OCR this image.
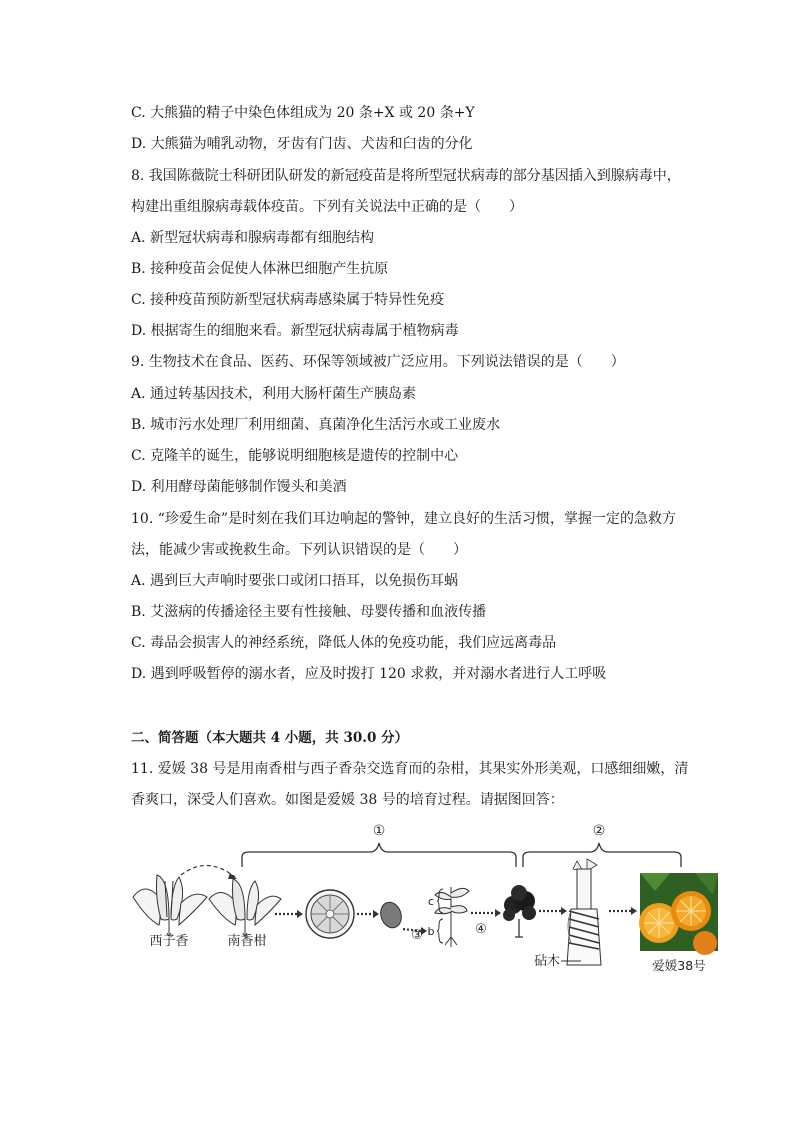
C. 大熊猫的精子中染色体组成为 20 条+X 或 20 条+Y
D. 大熊猫为哺乳动物，牙齿有门齿、犬齿和臼齿的分化
8. 我国陈薇院士科研团队研发的新冠疫苗是将所型冠状病毒的部分基因插入到腺病毒中，
构建出重组腺病毒载体疫苗。下列有关说法中正确的是（　　）
A. 新型冠状病毒和腺病毒都有细胞结构
B. 接种疫苗会促使人体淋巴细胞产生抗原
C. 接种疫苗预防新型冠状病毒感染属于特异性免疫
D. 根据寄生的细胞来看。新型冠状病毒属于植物病毒
9. 生物技术在食品、医药、环保等领域被广泛应用。下列说法错误的是（　　）
A. 通过转基因技术，利用大肠杆菌生产胰岛素
B. 城市污水处理厂利用细菌、真菌净化生活污水或工业废水
C. 克隆羊的诞生，能够说明细胞核是遗传的控制中心
D. 利用酵母菌能够制作馒头和美酒
10. “珍爱生命”是时刻在我们耳边响起的警钟，建立良好的生活习惯，掌握一定的急救方
法，能减少害或挽救生命。下列认识错误的是（　　）
A. 遇到巨大声响时要张口或闭口捂耳，以免损伤耳蜗
B. 艾滋病的传播途径主要有性接触、母婴传播和血液传播
C. 毒品会损害人的神经系统，降低人体的免疫功能，我们应远离毒品
D. 遇到呼吸暂停的溺水者，应及时拨打 120 求救，并对溺水者进行人工呼吸
二、简答题（本大题共 4 小题，共 30.0 分）
11. 爱媛 38 号是用南香柑与西子香杂交选育而的杂柑，其果实外形美观，口感细细嫩，清
香爽口，深受人们喜欢。如图是爱媛 38 号的培育过程。请据图回答：
①	②
西子香	南香柑	③
c
b	④
砧木	爱媛38号
